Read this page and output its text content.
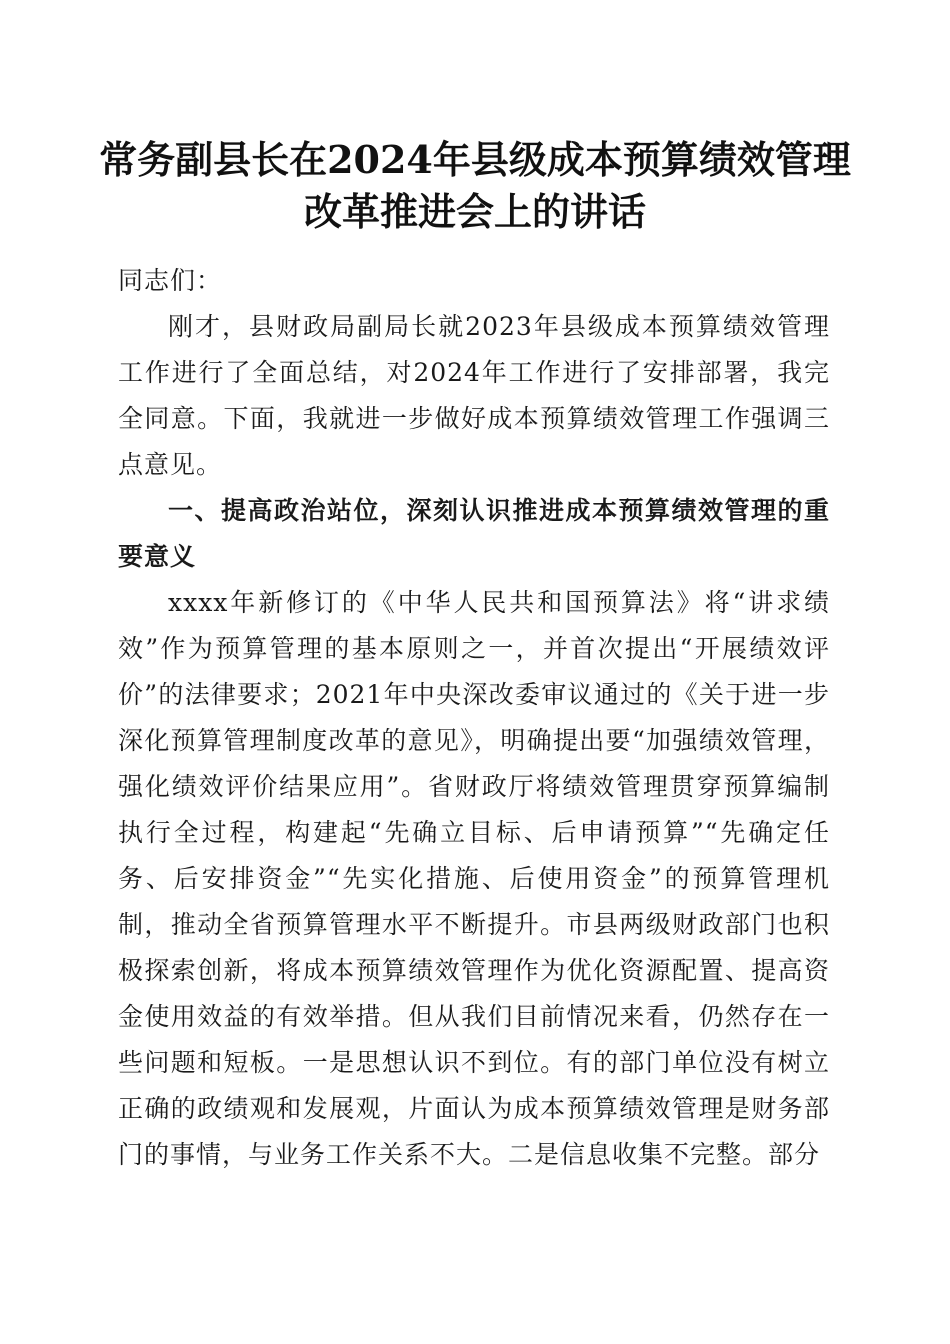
常务副县长在2024年县级成本预算绩效管理
改革推进会上的讲话

同志们：

刚才，县财政局副局长就2023年县级成本预算绩效管理工作进行了全面总结，对2024年工作进行了安排部署，我完全同意。下面，我就进一步做好成本预算绩效管理工作强调三点意见。

一、提高政治站位，深刻认识推进成本预算绩效管理的重要意义

xxxx年新修订的《中华人民共和国预算法》将“讲求绩效”作为预算管理的基本原则之一，并首次提出“开展绩效评价”的法律要求；2021年中央深改委审议通过的《关于进一步深化预算管理制度改革的意见》，明确提出要“加强绩效管理，强化绩效评价结果应用”。省财政厅将绩效管理贯穿预算编制执行全过程，构建起“先确立目标、后申请预算”“先确定任务、后安排资金”“先实化措施、后使用资金”的预算管理机制，推动全省预算管理水平不断提升。市县两级财政部门也积极探索创新，将成本预算绩效管理作为优化资源配置、提高资金使用效益的有效举措。但从我们目前情况来看，仍然存在一些问题和短板。一是思想认识不到位。有的部门单位没有树立正确的政绩观和发展观，片面认为成本预算绩效管理是财务部门的事情，与业务工作关系不大。二是信息收集不完整。部分
